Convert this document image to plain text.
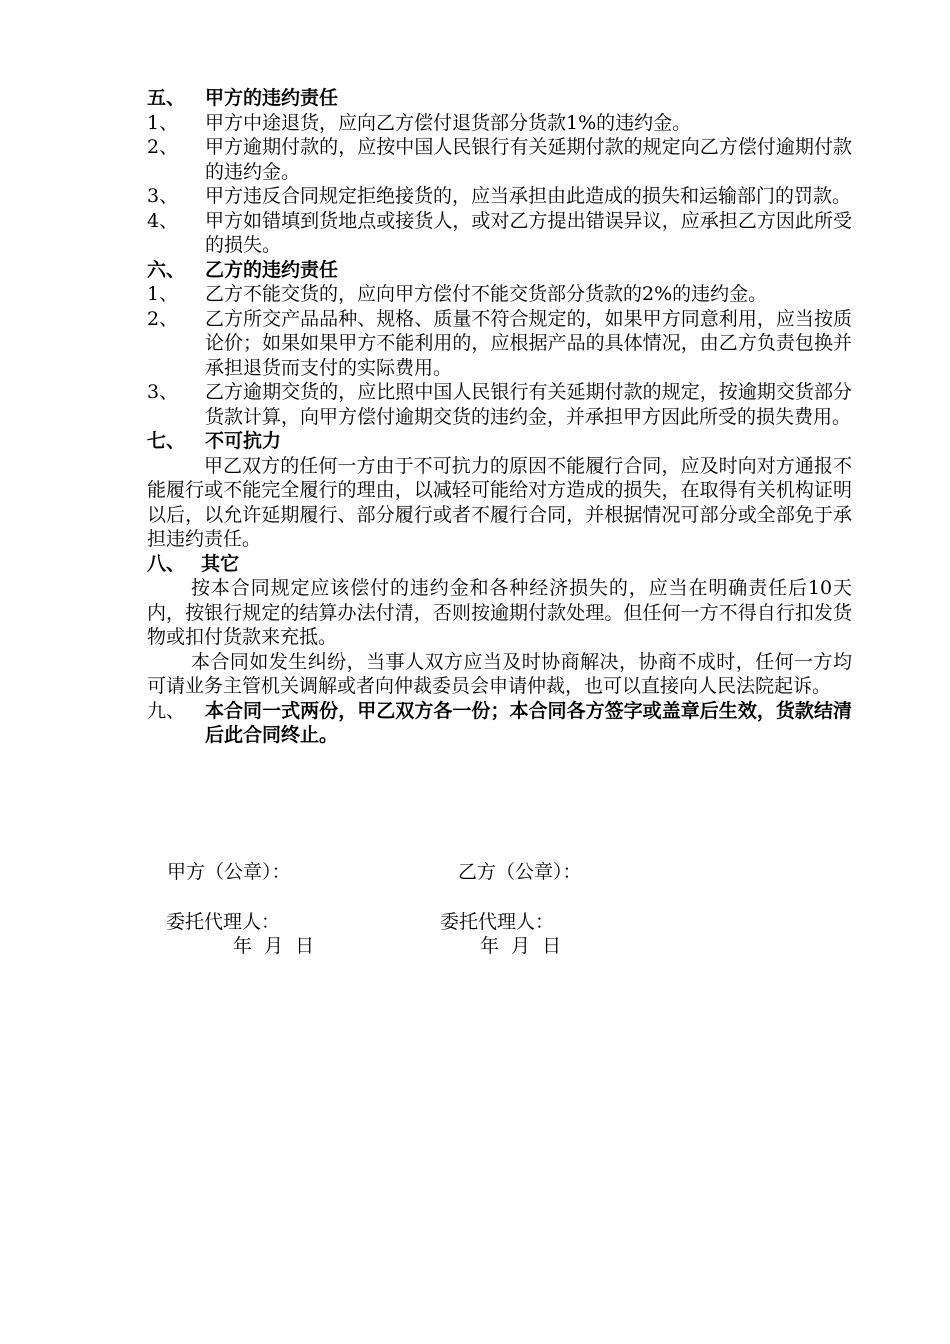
五、	甲方的违约责任
1、	甲方中途退货，应向乙方偿付退货部分货款1%的违约金。
2、	甲方逾期付款的，应按中国人民银行有关延期付款的规定向乙方偿付逾期付款的违约金。
3、	甲方违反合同规定拒绝接货的，应当承担由此造成的损失和运输部门的罚款。
4、	甲方如错填到货地点或接货人，或对乙方提出错误异议，应承担乙方因此所受的损失。
六、	乙方的违约责任
1、	乙方不能交货的，应向甲方偿付不能交货部分货款的2%的违约金。
2、	乙方所交产品品种、规格、质量不符合规定的，如果甲方同意利用，应当按质论价；如果如果甲方不能利用的，应根据产品的具体情况，由乙方负责包换并承担退货而支付的实际费用。
3、	乙方逾期交货的，应比照中国人民银行有关延期付款的规定，按逾期交货部分货款计算，向甲方偿付逾期交货的违约金，并承担甲方因此所受的损失费用。
七、	不可抗力
甲乙双方的任何一方由于不可抗力的原因不能履行合同，应及时向对方通报不能履行或不能完全履行的理由，以减轻可能给对方造成的损失，在取得有关机构证明以后，以允许延期履行、部分履行或者不履行合同，并根据情况可部分或全部免于承担违约责任。
八、 其它
按本合同规定应该偿付的违约金和各种经济损失的，应当在明确责任后10天内，按银行规定的结算办法付清，否则按逾期付款处理。但任何一方不得自行扣发货物或扣付货款来充抵。
本合同如发生纠纷，当事人双方应当及时协商解决，协商不成时，任何一方均可请业务主管机关调解或者向仲裁委员会申请仲裁，也可以直接向人民法院起诉。
九、	本合同一式两份，甲乙双方各一份；本合同各方签字或盖章后生效，货款结清后此合同终止。
甲方（公章）：	乙方（公章）：
委托代理人：	委托代理人：
年  月  日	年  月  日
